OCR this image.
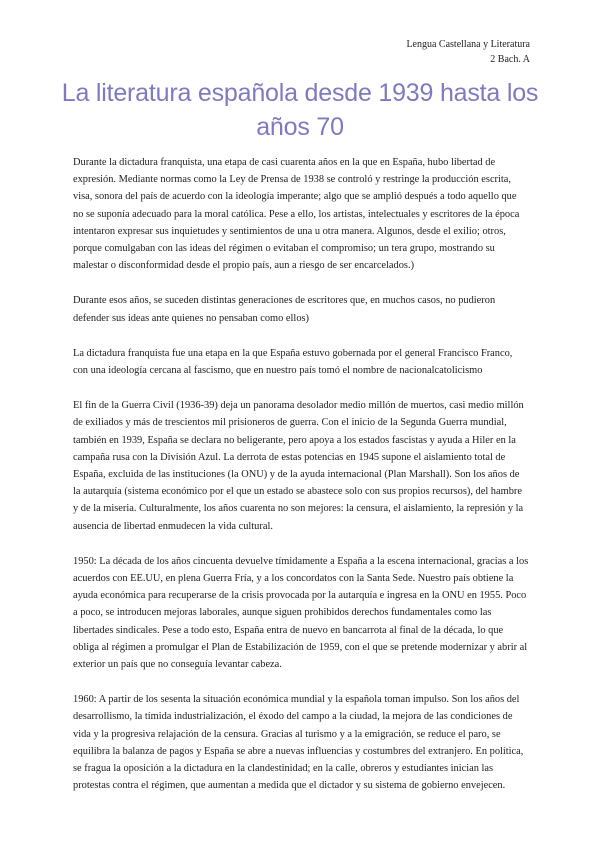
Lengua Castellana y Literatura
2 Bach. A
La literatura española desde 1939 hasta los años 70

Durante la dictadura franquista, una etapa de casi cuarenta años en la que en España, hubo libertad de expresión. Mediante normas como la Ley de Prensa de 1938 se controló y restringe la producción escrita, visa, sonora del país de acuerdo con la ideología imperante; algo que se amplió después a todo aquello que no se suponía adecuado para la moral católica. Pese a ello, los artistas, intelectuales y escritores de la época intentaron expresar sus inquietudes y sentimientos de una u otra manera. Algunos, desde el exilio; otros, porque comulgaban con las ideas del régimen o evitaban el compromiso; un tera grupo, mostrando su malestar o disconformidad desde el propio país, aun a riesgo de ser encarcelados.)

Durante esos años, se suceden distintas generaciones de escritores que, en muchos casos, no pudieron defender sus ideas ante quienes no pensaban como ellos)

La dictadura franquista fue una etapa en la que España estuvo gobernada por el general Francisco Franco, con una ideología cercana al fascismo, que en nuestro país tomó el nombre de nacionalcatolicismo

El fin de la Guerra Civil (1936-39) deja un panorama desolador medio millón de muertos, casi medio millón de exiliados y más de trescientos mil prisioneros de guerra. Con el inicio de la Segunda Guerra mundial, también en 1939, España se declara no beligerante, pero apoya a los estados fascistas y ayuda a Hiler en la campaña rusa con la División Azul. La derrota de estas potencias en 1945 supone el aislamiento total de España, excluida de las instituciones (la ONU) y de la ayuda internacional (Plan Marshall). Son los años de la autarquía (sistema económico por el que un estado se abastece solo con sus propios recursos), del hambre y de la miseria. Culturalmente, los años cuarenta no son mejores: la censura, el aislamiento, la represión y la ausencia de libertad enmudecen la vida cultural.

1950: La década de los años cincuenta devuelve tímidamente a España a la escena internacional, gracias a los acuerdos con EE.UU, en plena Guerra Fría, y a los concordatos con la Santa Sede. Nuestro país obtiene la ayuda económica para recuperarse de la crisis provocada por la autarquía e ingresa en la ONU en 1955. Poco a poco, se introducen mejoras laborales, aunque siguen prohibidos derechos fundamentales como las libertades sindicales. Pese a todo esto, España entra de nuevo en bancarrota al final de la década, lo que obliga al régimen a promulgar el Plan de Estabilización de 1959, con el que se pretende modernizar y abrir al exterior un país que no conseguía levantar cabeza.

1960: A partir de los sesenta la situación económica mundial y la española toman impulso. Son los años del desarrollismo, la tímida industrialización, el éxodo del campo a la ciudad, la mejora de las condiciones de vida y la progresiva relajación de la censura. Gracias al turismo y a la emigración, se reduce el paro, se equilibra la balanza de pagos y España se abre a nuevas influencias y costumbres del extranjero. En política, se fragua la oposición a la dictadura en la clandestinidad; en la calle, obreros y estudiantes inician las protestas contra el régimen, que aumentan a medida que el dictador y su sistema de gobierno envejecen.
